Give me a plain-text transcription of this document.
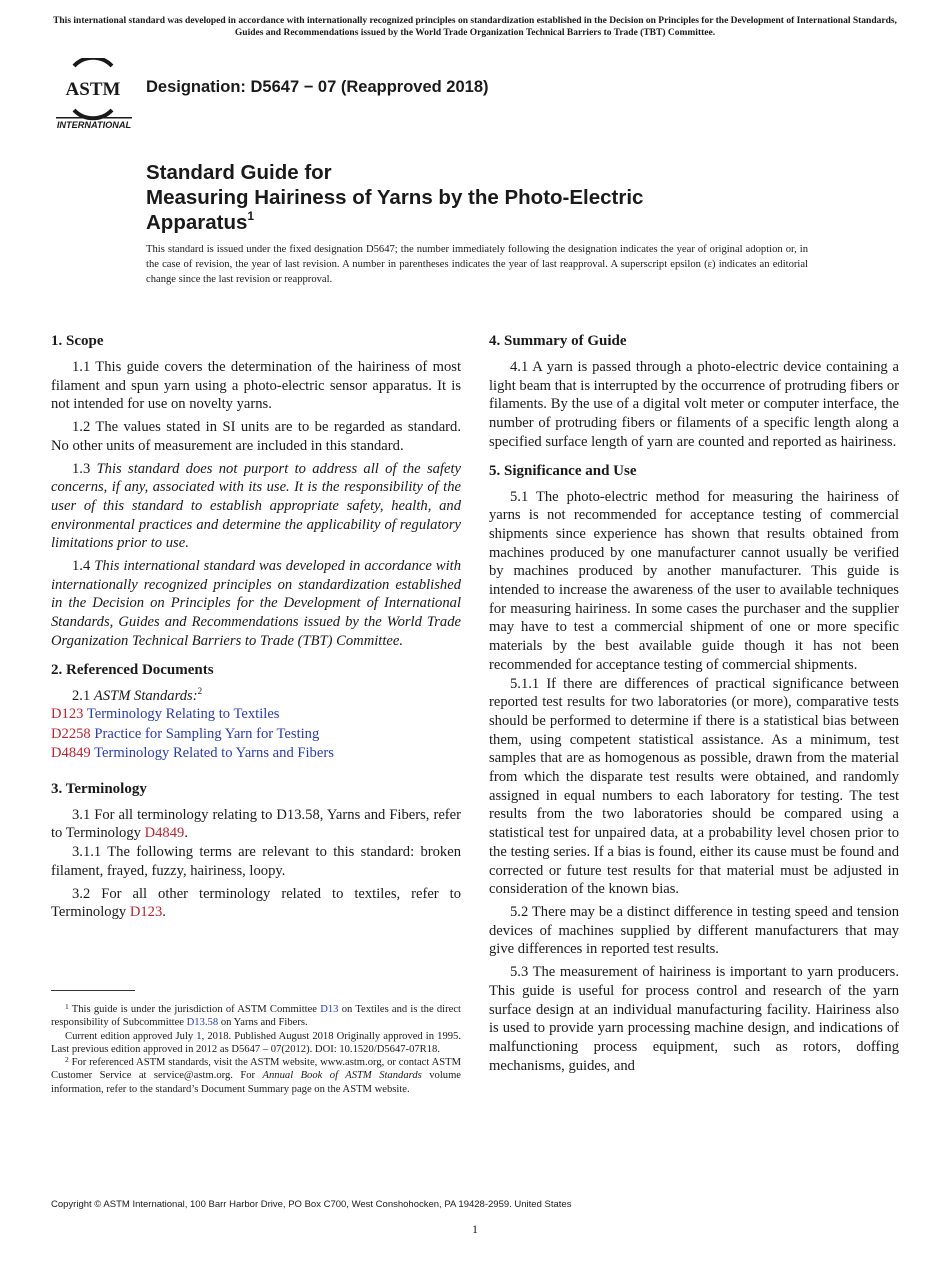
This international standard was developed in accordance with internationally recognized principles on standardization established in the Decision on Principles for the Development of International Standards, Guides and Recommendations issued by the World Trade Organization Technical Barriers to Trade (TBT) Committee.
ASTM
INTERNATIONAL
Designation: D5647 − 07 (Reapproved 2018)
Standard Guide for
Measuring Hairiness of Yarns by the Photo-Electric
Apparatus$^1$
This standard is issued under the fixed designation D5647; the number immediately following the designation indicates the year of original adoption or, in the case of revision, the year of last revision. A number in parentheses indicates the year of last reapproval. A superscript epsilon (ε) indicates an editorial change since the last revision or reapproval.
1. Scope

1.1 This guide covers the determination of the hairiness of most filament and spun yarn using a photo-electric sensor apparatus. It is not intended for use on novelty yarns.

1.2 The values stated in SI units are to be regarded as standard. No other units of measurement are included in this standard.

1.3 This standard does not purport to address all of the safety concerns, if any, associated with its use. It is the responsibility of the user of this standard to establish appropriate safety, health, and environmental practices and determine the applicability of regulatory limitations prior to use.

1.4 This international standard was developed in accordance with internationally recognized principles on standardization established in the Decision on Principles for the Development of International Standards, Guides and Recommendations issued by the World Trade Organization Technical Barriers to Trade (TBT) Committee.

2. Referenced Documents

2.1 ASTM Standards:$^2$

D123 Terminology Relating to Textiles
D2258 Practice for Sampling Yarn for Testing
D4849 Terminology Related to Yarns and Fibers
3. Terminology

3.1 For all terminology relating to D13.58, Yarns and Fibers, refer to Terminology D4849.

3.1.1 The following terms are relevant to this standard: broken filament, frayed, fuzzy, hairiness, loopy.

3.2 For all other terminology related to textiles, refer to Terminology D123.

$^1$ This guide is under the jurisdiction of ASTM Committee D13 on Textiles and is the direct responsibility of Subcommittee D13.58 on Yarns and Fibers.

Current edition approved July 1, 2018. Published August 2018 Originally approved in 1995. Last previous edition approved in 2012 as D5647 – 07(2012). DOI: 10.1520/D5647-07R18.

$^2$ For referenced ASTM standards, visit the ASTM website, www.astm.org, or contact ASTM Customer Service at service@astm.org. For Annual Book of ASTM Standards volume information, refer to the standard’s Document Summary page on the ASTM website.

4. Summary of Guide

4.1 A yarn is passed through a photo-electric device containing a light beam that is interrupted by the occurrence of protruding fibers or filaments. By the use of a digital volt meter or computer interface, the number of protruding fibers or filaments of a specific length along a specified surface length of yarn are counted and reported as hairiness.

5. Significance and Use

5.1 The photo-electric method for measuring the hairiness of yarns is not recommended for acceptance testing of commercial shipments since experience has shown that results obtained from machines produced by one manufacturer cannot usually be verified by machines produced by another manufacturer. This guide is intended to increase the awareness of the user to available techniques for measuring hairiness. In some cases the purchaser and the supplier may have to test a commercial shipment of one or more specific materials by the best available guide though it has not been recommended for acceptance testing of commercial shipments.

5.1.1 If there are differences of practical significance between reported test results for two laboratories (or more), comparative tests should be performed to determine if there is a statistical bias between them, using competent statistical assistance. As a minimum, test samples that are as homogenous as possible, drawn from the material from which the disparate test results were obtained, and randomly assigned in equal numbers to each laboratory for testing. The test results from the two laboratories should be compared using a statistical test for unpaired data, at a probability level chosen prior to the testing series. If a bias is found, either its cause must be found and corrected or future test results for that material must be adjusted in consideration of the known bias.

5.2 There may be a distinct difference in testing speed and tension devices of machines supplied by different manufacturers that may give differences in reported test results.

5.3 The measurement of hairiness is important to yarn producers. This guide is useful for process control and research of the yarn surface design at an individual manufacturing facility. Hairiness also is used to provide yarn processing machine design, and indications of malfunctioning process equipment, such as rotors, doffing mechanisms, guides, and

Copyright © ASTM International, 100 Barr Harbor Drive, PO Box C700, West Conshohocken, PA 19428-2959. United States
1
